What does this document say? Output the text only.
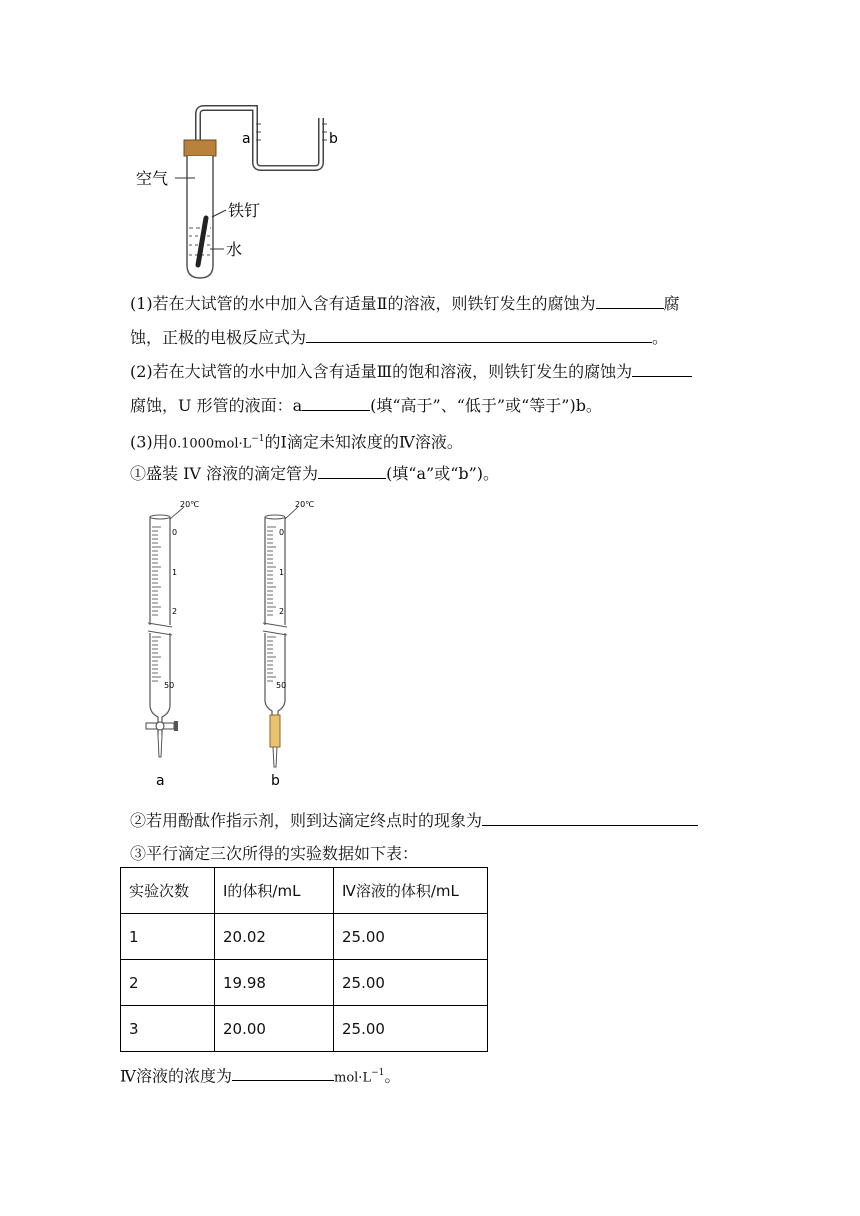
空气
铁钉
水
a	b
(1)若在大试管的水中加入含有适量Ⅱ的溶液，则铁钉发生的腐蚀为	腐
蚀，正极的电极反应式为	。
(2)若在大试管的水中加入含有适量Ⅲ的饱和溶液，则铁钉发生的腐蚀为
腐蚀，U 形管的液面：a	(填“高于”、“低于”或“等于”)b。
(3)用$0.1000mol\cdot L^{-1}$的Ⅰ滴定未知浓度的Ⅳ溶液。
①盛装 IV 溶液的滴定管为	(填“a”或“b”)。
0
1
2
50
20℃
a
0
1
2
50
20℃
b
②若用酚酞作指示剂，则到达滴定终点时的现象为
③平行滴定三次所得的实验数据如下表：
实验次数	Ⅰ的体积/mL	Ⅳ溶液的体积/mL
1	20.02	25.00
2	19.98	25.00
3	20.00	25.00
Ⅳ溶液的浓度为	$mol\cdot L^{-1}$。
